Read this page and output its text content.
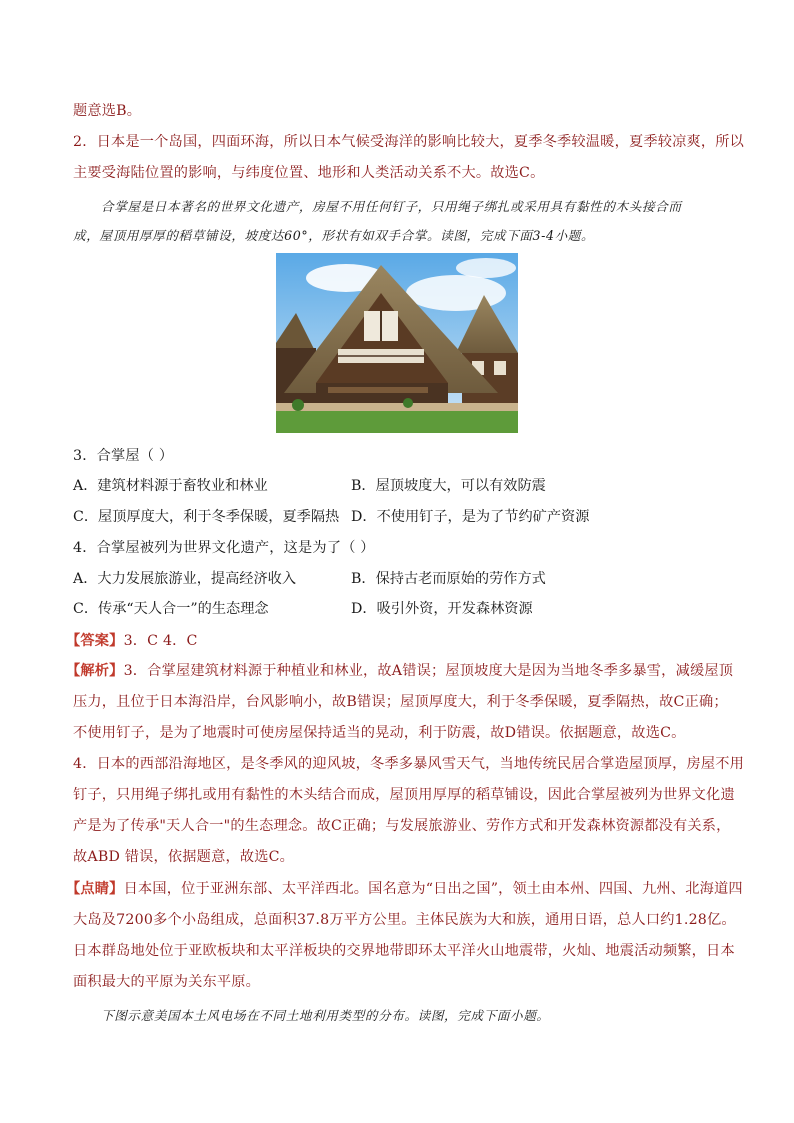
题意选B。
2．日本是一个岛国，四面环海，所以日本气候受海洋的影响比较大，夏季冬季较温暖，夏季较凉爽，所以
主要受海陆位置的影响，与纬度位置、地形和人类活动关系不大。故选C。
合掌屋是日本著名的世界文化遗产，房屋不用任何钉子，只用绳子绑扎或采用具有黏性的木头接合而
成，屋顶用厚厚的稻草铺设，坡度达60°，形状有如双手合掌。读图，完成下面3-4小题。
3．合掌屋（ ）
A．建筑材料源于畜牧业和林业	B．屋顶坡度大，可以有效防震
C．屋顶厚度大，利于冬季保暖，夏季隔热 D．不使用钉子，是为了节约矿产资源
4．合掌屋被列为世界文化遗产，这是为了（ ）
A．大力发展旅游业，提高经济收入	B．保持古老而原始的劳作方式
C．传承“天人合一”的生态理念	D．吸引外资，开发森林资源
【答案】3．C 4．C
【解析】3．合掌屋建筑材料源于种植业和林业，故A错误；屋顶坡度大是因为当地冬季多暴雪，减缓屋顶
压力，且位于日本海沿岸，台风影响小，故B错误；屋顶厚度大，利于冬季保暖，夏季隔热，故C正确；
不使用钉子，是为了地震时可使房屋保持适当的晃动，利于防震，故D错误。依据题意，故选C。
4．日本的西部沿海地区，是冬季风的迎风坡，冬季多暴风雪天气，当地传统民居合掌造屋顶厚，房屋不用
钉子，只用绳子绑扎或用有黏性的木头结合而成，屋顶用厚厚的稻草铺设，因此合掌屋被列为世界文化遗
产是为了传承"天人合一"的生态理念。故C正确；与发展旅游业、劳作方式和开发森林资源都没有关系，
故ABD 错误，依据题意，故选C。
【点睛】日本国，位于亚洲东部、太平洋西北。国名意为“日出之国”，领土由本州、四国、九州、北海道四
大岛及7200多个小岛组成，总面积37.8万平方公里。主体民族为大和族，通用日语，总人口约1.28亿。
日本群岛地处位于亚欧板块和太平洋板块的交界地带即环太平洋火山地震带，火灿、地震活动频繁，日本
面积最大的平原为关东平原。
下图示意美国本土风电场在不同土地利用类型的分布。读图，完成下面小题。
